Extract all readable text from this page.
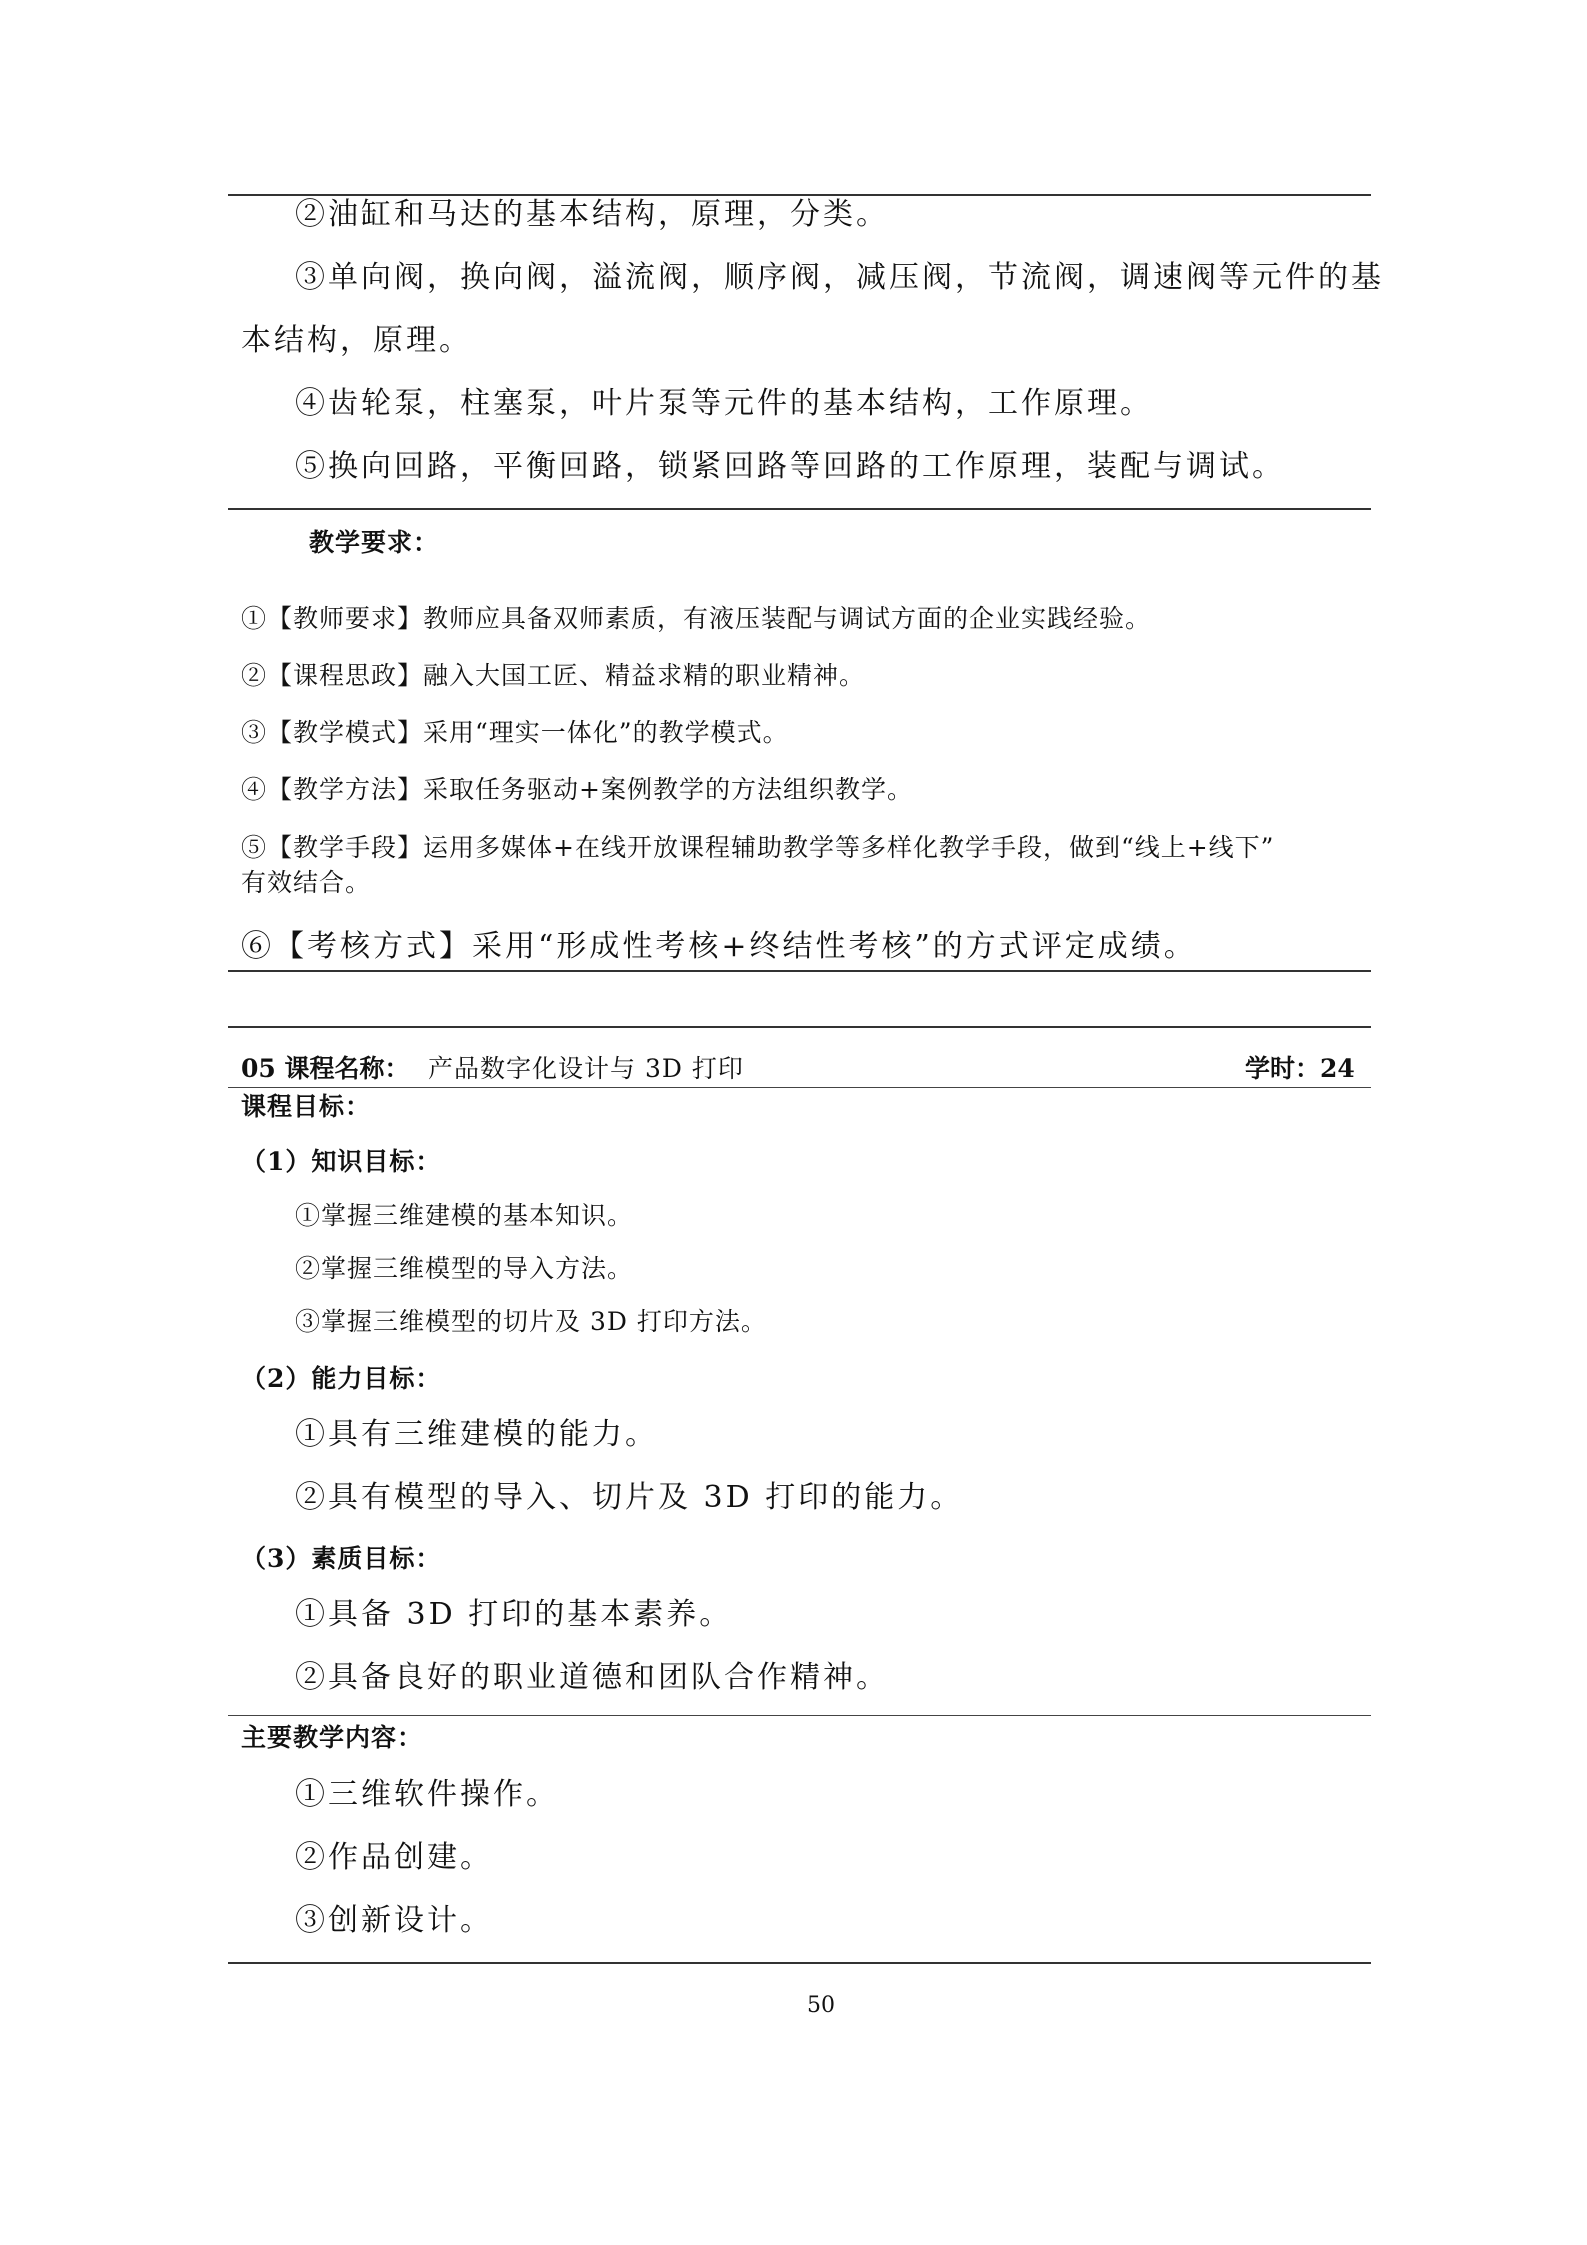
②油缸和马达的基本结构，原理，分类。
③单向阀，换向阀，溢流阀，顺序阀，减压阀，节流阀，调速阀等元件的基
本结构，原理。
④齿轮泵，柱塞泵，叶片泵等元件的基本结构，工作原理。
⑤换向回路，平衡回路，锁紧回路等回路的工作原理，装配与调试。
教学要求：
①【教师要求】教师应具备双师素质，有液压装配与调试方面的企业实践经验。
②【课程思政】融入大国工匠、精益求精的职业精神。
③【教学模式】采用“理实一体化”的教学模式。
④【教学方法】采取任务驱动+案例教学的方法组织教学。
⑤【教学手段】运用多媒体+在线开放课程辅助教学等多样化教学手段，做到“线上+线下”
有效结合。
⑥【考核方式】采用“形成性考核+终结性考核”的方式评定成绩。
05 课程名称： 产品数字化设计与 3D 打印	学时：24
课程目标：
（1）知识目标：
①掌握三维建模的基本知识。
②掌握三维模型的导入方法。
③掌握三维模型的切片及 3D 打印方法。
（2）能力目标：
①具有三维建模的能力。
②具有模型的导入、切片及 3D 打印的能力。
（3）素质目标：
①具备 3D 打印的基本素养。
②具备良好的职业道德和团队合作精神。
主要教学内容：
①三维软件操作。
②作品创建。
③创新设计。
50
